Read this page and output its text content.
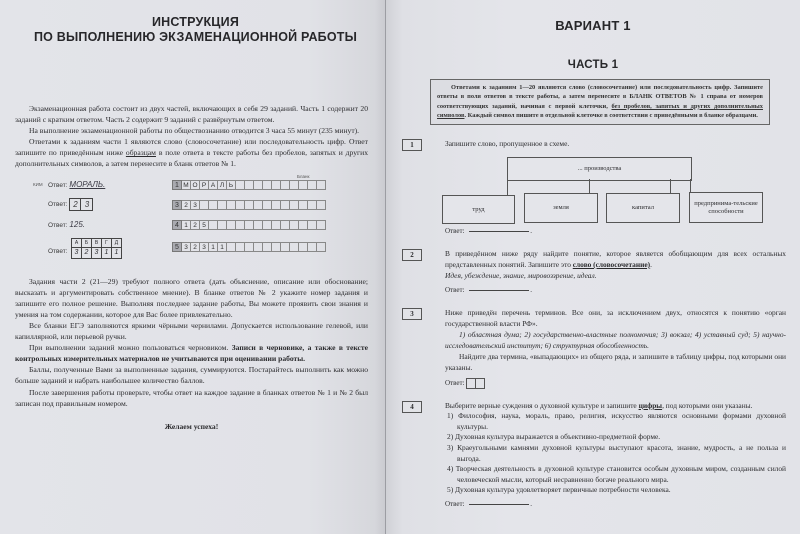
ИНСТРУКЦИЯ
ПО ВЫПОЛНЕНИЮ ЭКЗАМЕНАЦИОННОЙ РАБОТЫ

Экзаменационная работа состоит из двух частей, включающих в себя 29 заданий. Часть 1 содержит 20 заданий с кратким ответом. Часть 2 содержит 9 заданий с развёрнутым ответом.

На выполнение экзаменационной работы по обществознанию отводится 3 часа 55 минут (235 минут).

Ответами к заданиям части 1 являются слово (словосочетание) или последовательность цифр. Ответ запишите по приведённым ниже образцам в поле ответа в тексте работы без пробелов, запятых и других дополнительных символов, а затем перенесите в бланк ответов № 1.

КИМ
Бланк
Ответ: МОРАЛЬ.	1 М О Р А Л Ь
Ответ: 2 3	3 2 3
Ответ: 125.	4 1 2 5
Ответ:
А	Б	В	Г	Д
3	2	3	1	1
5 3 2 3 1 1

Задания части 2 (21—29) требуют полного ответа (дать объяснение, описание или обоснование; высказать и аргументировать собственное мнение). В бланке ответов № 2 укажите номер задания и запишите его полное решение. Выполняя последнее задание работы, Вы можете проявить свои знания и умения на том содержании, которое для Вас более привлекательно.

Все бланки ЕГЭ заполняются яркими чёрными чернилами. Допускается использование гелевой, или капиллярной, или перьевой ручки.

При выполнении заданий можно пользоваться черновиком. Записи в черновике, а также в тексте контрольных измерительных материалов не учитываются при оценивании работы.

Баллы, полученные Вами за выполненные задания, суммируются. Постарайтесь выполнить как можно больше заданий и набрать наибольшее количество баллов.

После завершения работы проверьте, чтобы ответ на каждое задание в бланках ответов № 1 и № 2 был записан под правильным номером.

Желаем успеха!

ВАРИАНТ 1
ЧАСТЬ 1

Ответами к заданиям 1—20 являются слово (словосочетание) или последовательность цифр. Запишите ответы в поля ответов в тексте работы, а затем перенесите в БЛАНК ОТВЕТОВ № 1 справа от номеров соответствующих заданий, начиная с первой клеточки, без пробелов, запятых и других дополнительных символов. Каждый символ пишите в отдельной клеточке в соответствии с приведёнными в бланке образцами.

1	Запишите слово, пропущенное в схеме.

... производства
труд	земля	капитал
предпринима-тельские способности
Ответ:	.
2	В приведённом ниже ряду найдите понятие, которое является обобщающим для всех остальных представленных понятий. Запишите это слово (словосочетание).

Идея, убеждение, знание, мировоззрение, идеал.

Ответ:	.
3	Ниже приведён перечень терминов. Все они, за исключением двух, относятся к понятию «орган государственной власти РФ».

1) областная дума; 2) государственно-властные полномочия; 3) вокзал; 4) уставный суд; 5) научно-исследовательский институт; 6) структурная обособленность.

Найдите два термина, «выпадающих» из общего ряда, и запишите в таблицу цифры, под которыми они указаны.

Ответ:
4	Выберите верные суждения о духовной культуре и запишите цифры, под которыми они указаны.

1) Философия, наука, мораль, право, религия, искусство являются основными формами духовной культуры.

2) Духовная культура выражается в объективно-предметной форме.

3) Краеугольными камнями духовной культуры выступают красота, знание, мудрость, а не польза и выгода.

4) Творческая деятельность в духовной культуре становится особым духовным миром, созданным силой человеческой мысли, который несравненно богаче реального мира.

5) Духовная культура удовлетворяет первичные потребности человека.

Ответ:	.
